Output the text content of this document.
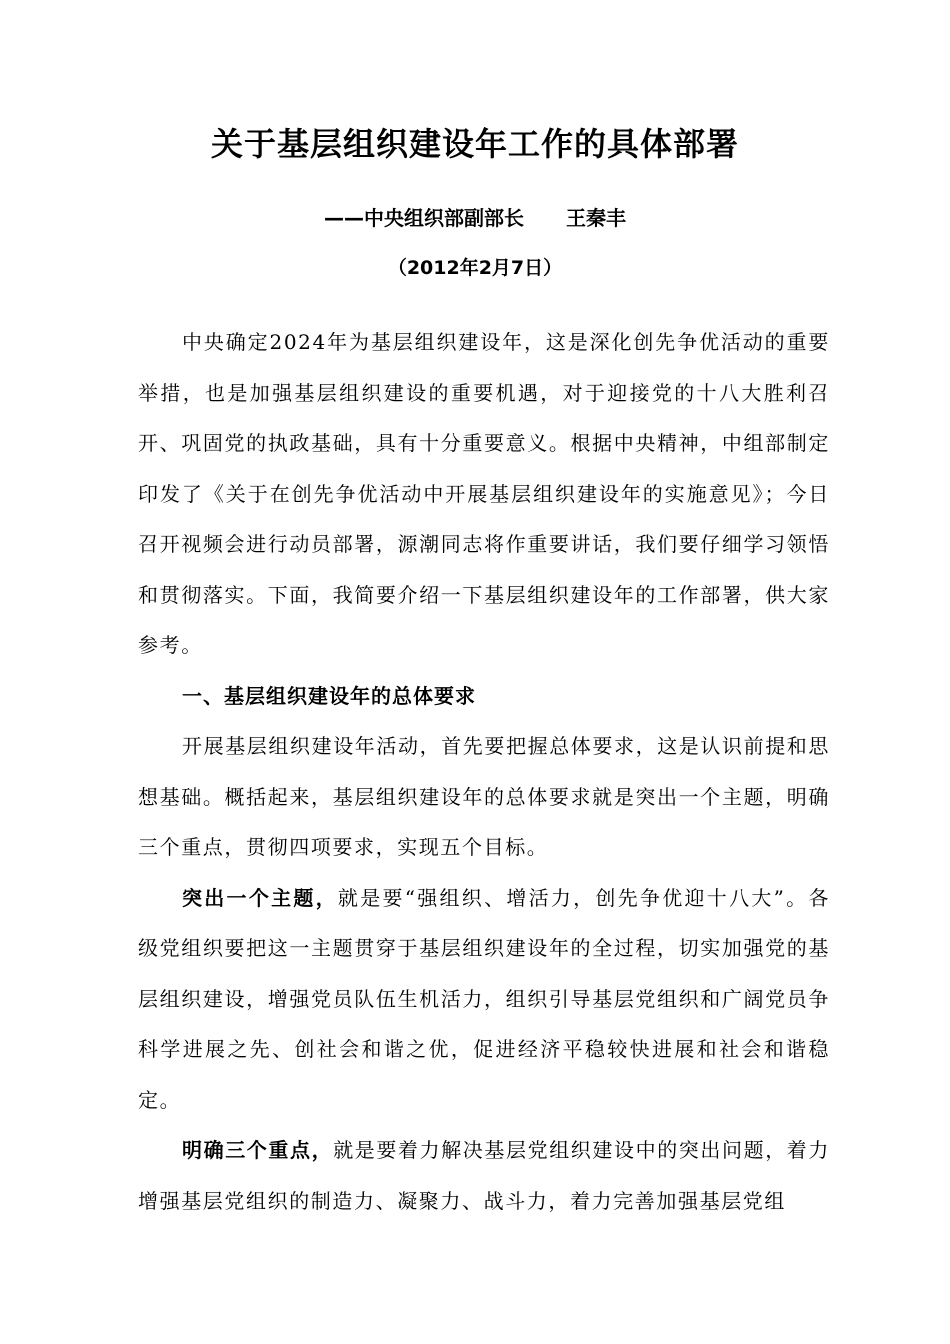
关于基层组织建设年工作的具体部署
——中央组织部副部长 王秦丰
（2012年2月7日）

中央确定2024年为基层组织建设年，这是深化创先争优活动的重要举措，也是加强基层组织建设的重要机遇，对于迎接党的十八大胜利召开、巩固党的执政基础，具有十分重要意义。根据中央精神，中组部制定印发了《关于在创先争优活动中开展基层组织建设年的实施意见》；今日召开视频会进行动员部署，源潮同志将作重要讲话，我们要仔细学习领悟和贯彻落实。下面，我简要介绍一下基层组织建设年的工作部署，供大家参考。

一、基层组织建设年的总体要求

开展基层组织建设年活动，首先要把握总体要求，这是认识前提和思想基础。概括起来，基层组织建设年的总体要求就是突出一个主题，明确三个重点，贯彻四项要求，实现五个目标。

突出一个主题，就是要“强组织、增活力，创先争优迎十八大”。各级党组织要把这一主题贯穿于基层组织建设年的全过程，切实加强党的基层组织建设，增强党员队伍生机活力，组织引导基层党组织和广阔党员争科学进展之先、创社会和谐之优，促进经济平稳较快进展和社会和谐稳定。

明确三个重点，就是要着力解决基层党组织建设中的突出问题，着力增强基层党组织的制造力、凝聚力、战斗力，着力完善加强基层党组
